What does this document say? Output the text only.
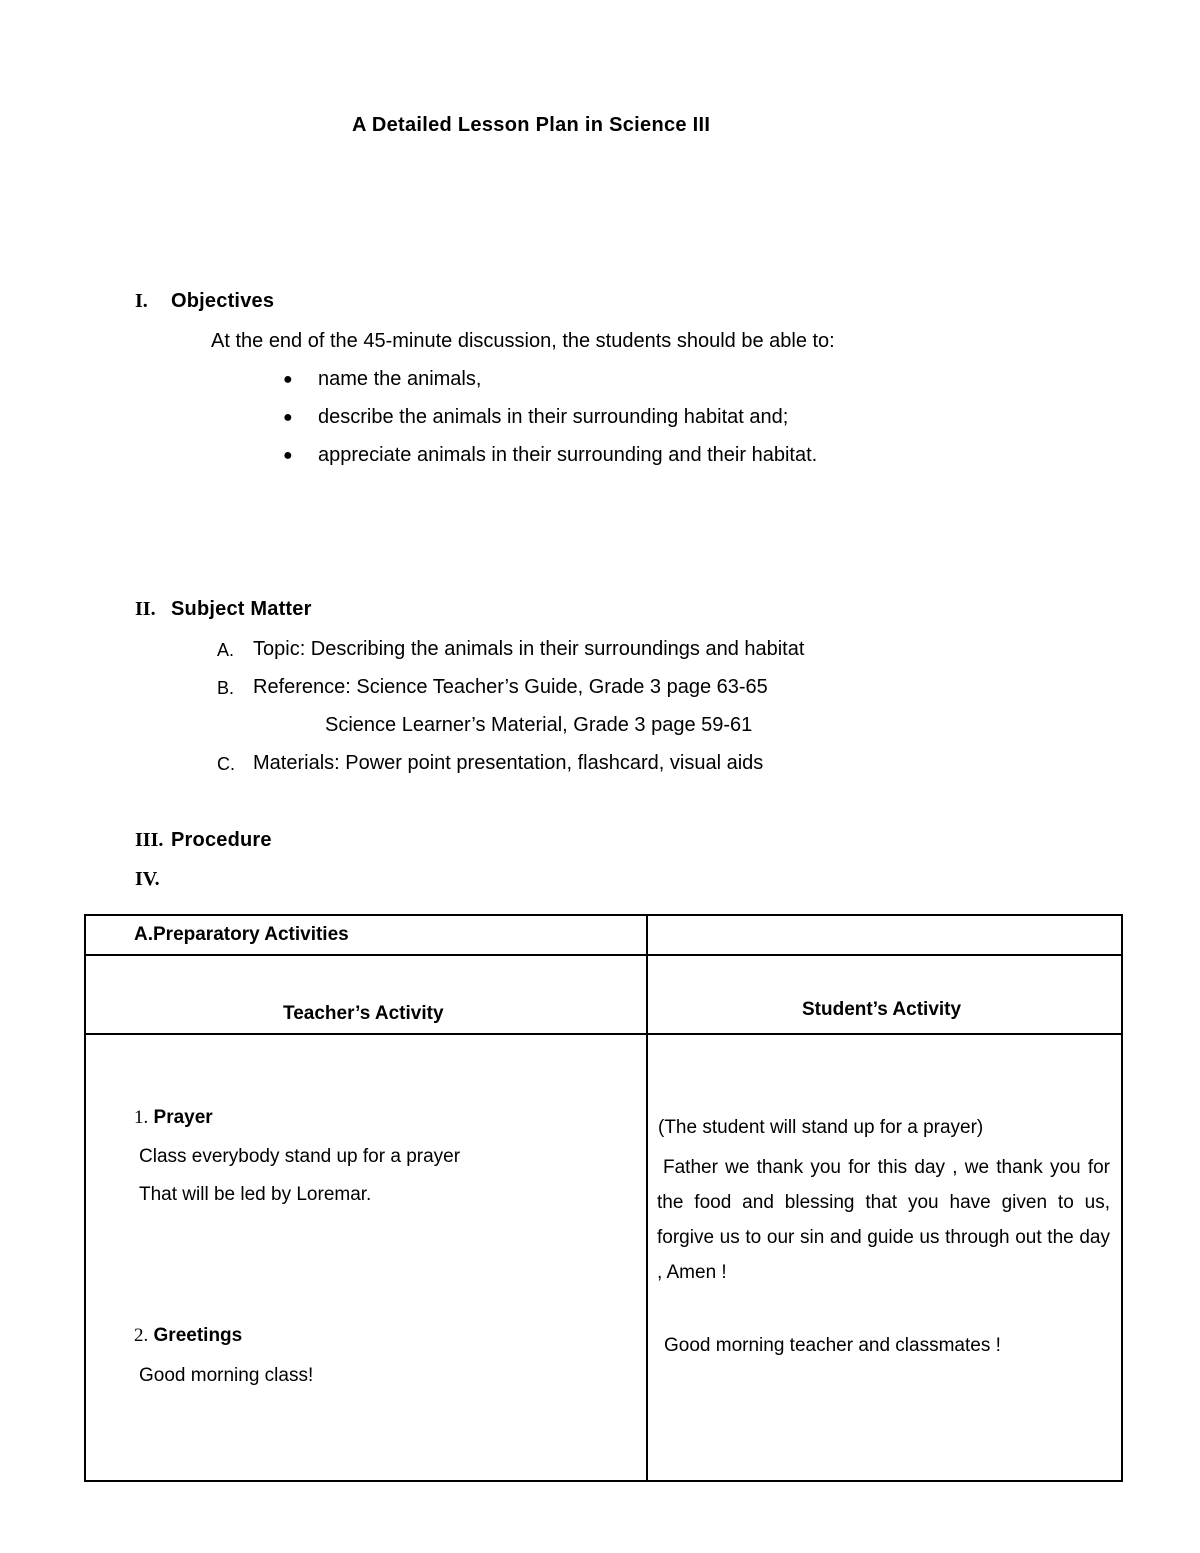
A Detailed Lesson Plan in Science III
I. Objectives
At the end of the 45-minute discussion, the students should be able to:
● name the animals,
● describe the animals in their surrounding habitat and;
● appreciate animals in their surrounding and their habitat.
II. Subject Matter
A. Topic: Describing the animals in their surroundings and habitat
B. Reference: Science Teacher’s Guide, Grade 3 page 63-65
Science Learner’s Material, Grade 3 page 59-61
C. Materials: Power point presentation, flashcard, visual aids
III. Procedure
IV.
A.Preparatory Activities
Teacher’s Activity	Student’s Activity
1. Prayer
Class everybody stand up for a prayer
That will be led by Loremar.
(The student will stand up for a prayer)
Father we thank you for this day , we thank you for the food and blessing that you have given to us, forgive us to our sin and guide us through out the day , Amen !
2. Greetings
Good morning class!
Good morning teacher and classmates !
